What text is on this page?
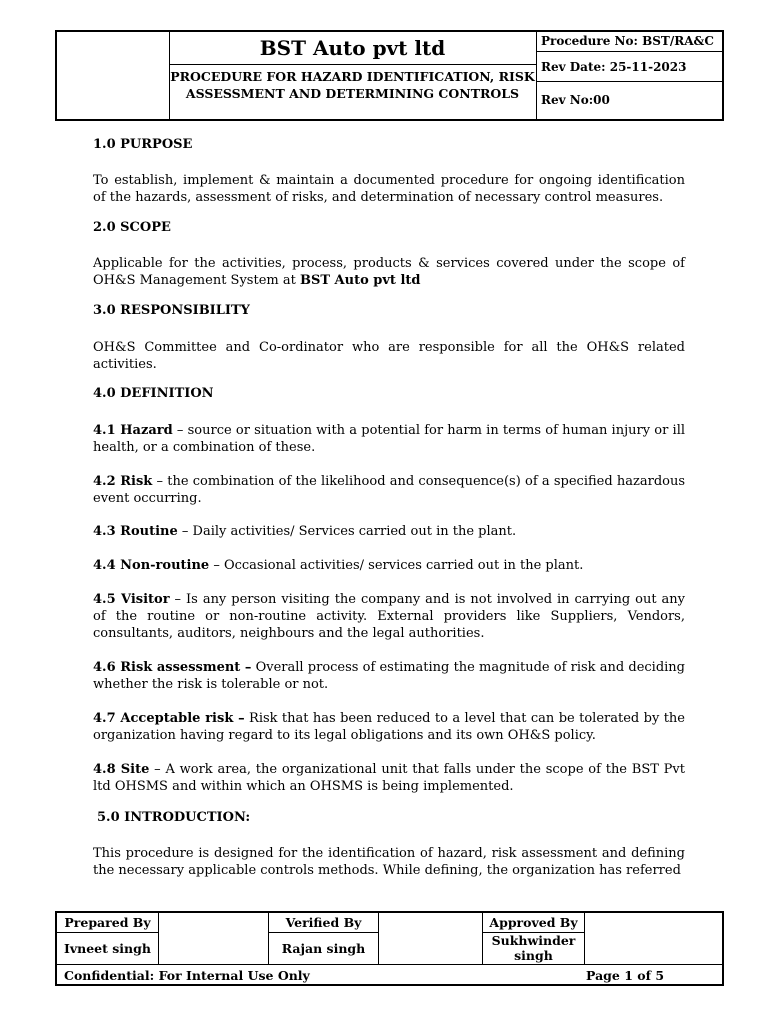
BST Auto pvt ltd
PROCEDURE FOR HAZARD IDENTIFICATION, RISK ASSESSMENT AND DETERMINING CONTROLS
Procedure No: BST/RA&C
Rev Date: 25-11-2023
Rev No:00
1.0 PURPOSE

To establish, implement & maintain a documented procedure for ongoing identification of the hazards, assessment of risks, and determination of necessary control measures.

2.0 SCOPE

Applicable for the activities, process, products & services covered under the scope of OH&S Management System at BST Auto pvt ltd

3.0 RESPONSIBILITY

OH&S Committee and Co-ordinator who are responsible for all the OH&S related activities.

4.0 DEFINITION

4.1 Hazard – source or situation with a potential for harm in terms of human injury or ill health, or a combination of these.

4.2 Risk – the combination of the likelihood and consequence(s) of a specified hazardous event occurring.

4.3 Routine – Daily activities/ Services carried out in the plant.

4.4 Non-routine – Occasional activities/ services carried out in the plant.

4.5 Visitor – Is any person visiting the company and is not involved in carrying out any of the routine or non-routine activity. External providers like Suppliers, Vendors, consultants, auditors, neighbours and the legal authorities.

4.6 Risk assessment – Overall process of estimating the magnitude of risk and deciding whether the risk is tolerable or not.

4.7 Acceptable risk – Risk that has been reduced to a level that can be tolerated by the organization having regard to its legal obligations and its own OH&S policy.

4.8 Site – A work area, the organizational unit that falls under the scope of the BST Pvt ltd OHSMS and within which an OHSMS is being implemented.

5.0 INTRODUCTION:

This procedure is designed for the identification of hazard, risk assessment and defining the necessary applicable controls methods. While defining, the organization has referred

Prepared By
Ivneet singh
Verified By
Rajan singh
Approved By
Sukhwinder singh
Confidential: For Internal Use Only	Page 1 of 5
